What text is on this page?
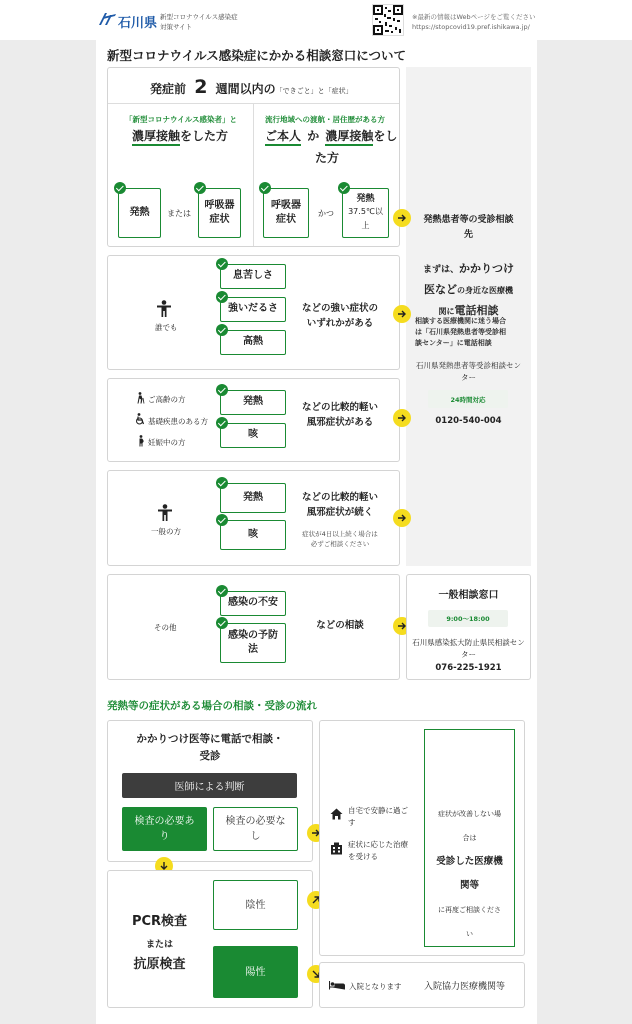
石川県 新型コロナウイルス感染症
対策サイト
※最新の情報はWebページをご覧ください
https://stopcovid19.pref.ishikawa.jp/
新型コロナウイルス感染症にかかる相談窓口について
発症前 2 週間以内の「できごと」と「症状」
「新型コロナウイルス感染者」と
濃厚接触をした方
流行地域への渡航・居住歴がある方
ご本人 か 濃厚接触をし
た方
発熱 または
呼吸器
症状
呼吸器
症状
かつ
発熱
37.5℃以
上
発熱患者等の受診相談
先
まずは、かかりつけ
医などの身近な医療機
関に電話相談
相談する医療機関に迷う場合
は「石川県発熱患者等受診相
談センター」に電話相談
石川県発熱患者等受診相談セン
ター
24時間対応
0120-540-004
誰でも
息苦しさ
強いだるさ
高熱
などの強い症状の
いずれかがある
ご高齢の方
基礎疾患のある方
妊娠中の方
発熱
咳
などの比較的軽い
風邪症状がある
一般の方
発熱
咳
などの比較的軽い
風邪症状が続く
症状が4日以上続く場合は
必ずご相談ください
その他
感染の不安
感染の予防
法
などの相談
一般相談窓口
9:00〜18:00
石川県感染拡大防止県民相談セン
ター
076-225-1921
発熱等の症状がある場合の相談・受診の流れ
かかりつけ医等に電話で相談・
受診
医師による判断
検査の必要あ
り
検査の必要な
し
PCR検査
または
抗原検査
陰性
陽性
自宅で安静に過ご
す
症状に応じた治療
を受ける
症状が改善しない場
合は
受診した医療機
関等
に再度ご相談くださ
い
入院となります	入院協力医療機関等
